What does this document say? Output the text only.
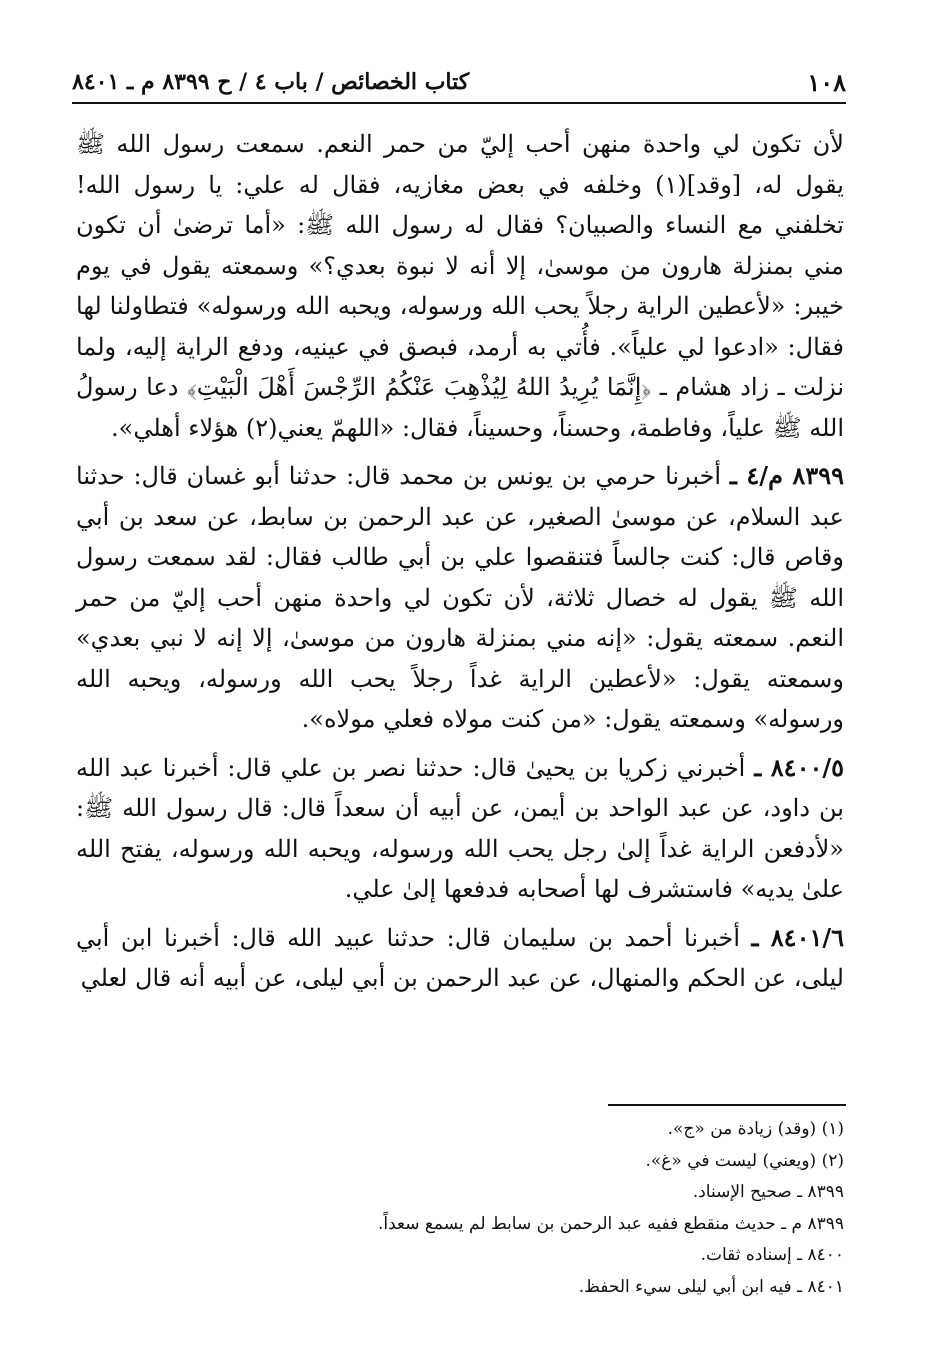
١٠٨
كتاب الخصائص / باب ٤ / ح ٨٣٩٩ م ـ ٨٤٠١

لأن تكون لي واحدة منهن أحب إليّ من حمر النعم. سمعت رسول الله ﷺ يقول له، [وقد](١) وخلفه في بعض مغازيه، فقال له علي: يا رسول الله! تخلفني مع النساء والصبيان؟ فقال له رسول الله ﷺ: «أما ترضىٰ أن تكون مني بمنزلة هارون من موسىٰ، إلا أنه لا نبوة بعدي؟» وسمعته يقول في يوم خيبر: «لأعطين الراية رجلاً يحب الله ورسوله، ويحبه الله ورسوله» فتطاولنا لها فقال: «ادعوا لي علياً». فأُتي به أرمد، فبصق في عينيه، ودفع الراية إليه، ولما نزلت ـ زاد هشام ـ ﴿إِنَّمَا يُرِيدُ اللهُ لِيُذْهِبَ عَنْكُمُ الرِّجْسَ أَهْلَ الْبَيْتِ﴾ دعا رسولُ الله ﷺ علياً، وفاطمة، وحسناً، وحسيناً، فقال: «اللهمّ يعني(٢) هؤلاء أهلي».

٨٣٩٩ م/٤ ـ أخبرنا حرمي بن يونس بن محمد قال: حدثنا أبو غسان قال: حدثنا عبد السلام، عن موسىٰ الصغير، عن عبد الرحمن بن سابط، عن سعد بن أبي وقاص قال: كنت جالساً فتنقصوا علي بن أبي طالب فقال: لقد سمعت رسول الله ﷺ يقول له خصال ثلاثة، لأن تكون لي واحدة منهن أحب إليّ من حمر النعم. سمعته يقول: «إنه مني بمنزلة هارون من موسىٰ، إلا إنه لا نبي بعدي» وسمعته يقول: «لأعطين الراية غداً رجلاً يحب الله ورسوله، ويحبه الله ورسوله» وسمعته يقول: «من كنت مولاه فعلي مولاه».

٨٤٠٠/٥ ـ أخبرني زكريا بن يحيىٰ قال: حدثنا نصر بن علي قال: أخبرنا عبد الله بن داود، عن عبد الواحد بن أيمن، عن أبيه أن سعداً قال: قال رسول الله ﷺ: «لأدفعن الراية غداً إلىٰ رجل يحب الله ورسوله، ويحبه الله ورسوله، يفتح الله علىٰ يديه» فاستشرف لها أصحابه فدفعها إلىٰ علي.

٨٤٠١/٦ ـ أخبرنا أحمد بن سليمان قال: حدثنا عبيد الله قال: أخبرنا ابن أبي ليلى، عن الحكم والمنهال، عن عبد الرحمن بن أبي ليلى، عن أبيه أنه قال لعلي

(١) (وقد) زيادة من «ج».
(٢) (ويعني) ليست في «غ».
٨٣٩٩ ـ صحيح الإسناد.
٨٣٩٩ م ـ حديث منقطع ففيه عبد الرحمن بن سابط لم يسمع سعداً.
٨٤٠٠ ـ إسناده ثقات.
٨٤٠١ ـ فيه ابن أبي ليلى سيء الحفظ.
